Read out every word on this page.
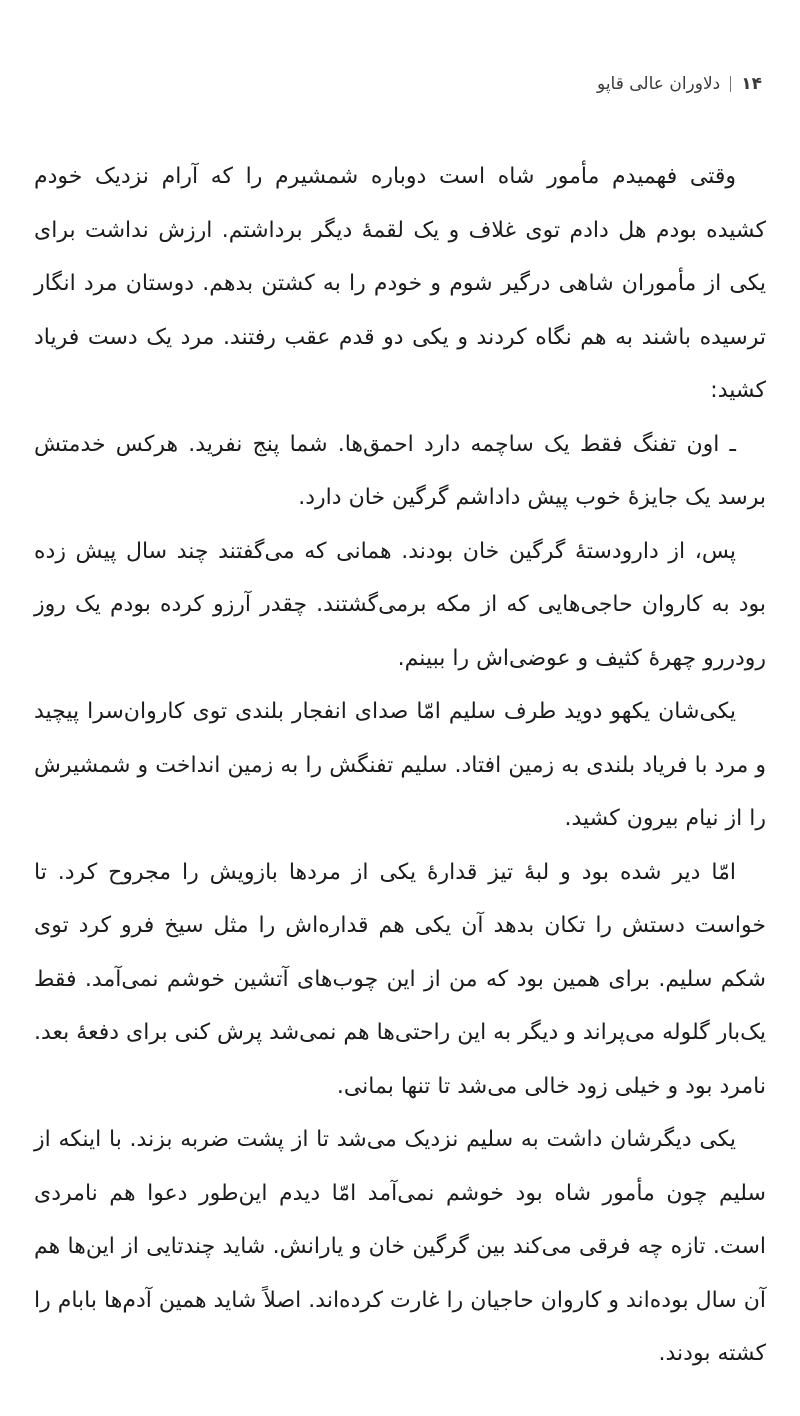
۱۴
دلاوران عالی قاپو

وقتی فهمیدم مأمور شاه است دوباره شمشیرم را که آرام نزدیک خودم کشیده بودم هل دادم توی غلاف و یک لقمهٔ دیگر برداشتم. ارزش نداشت برای یکی از مأموران شاهی درگیر شوم و خودم را به کشتن بدهم. دوستان مرد انگار ترسیده باشند به هم نگاه کردند و یکی دو قدم عقب رفتند. مرد یک دست فریاد کشید:

ـ اون تفنگ فقط یک ساچمه دارد احمق‌ها. شما پنج نفرید. هرکس خدمتش برسد یک جایزهٔ خوب پیش داداشم گرگین خان دارد.

پس، از دارودستهٔ گرگین خان بودند. همانی که می‌گفتند چند سال پیش زده بود به کاروان حاجی‌هایی که از مکه برمی‌گشتند. چقدر آرزو کرده بودم یک روز رودررو چهرهٔ کثیف و عوضی‌اش را ببینم.

یکی‌شان یکهو دوید طرف سلیم امّا صدای انفجار بلندی توی کاروان‌سرا پیچید و مرد با فریاد بلندی به زمین افتاد. سلیم تفنگش را به زمین انداخت و شمشیرش را از نیام بیرون کشید.

امّا دیر شده بود و لبهٔ تیز قدارهٔ یکی از مردها بازویش را مجروح کرد. تا خواست دستش را تکان بدهد آن یکی هم قداره‌اش را مثل سیخ فرو کرد توی شکم سلیم. برای همین بود که من از این چوب‌های آتشین خوشم نمی‌آمد. فقط یک‌بار گلوله می‌پراند و دیگر به این راحتی‌ها هم نمی‌شد پرش کنی برای دفعهٔ بعد. نامرد بود و خیلی زود خالی می‌شد تا تنها بمانی.

یکی دیگرشان داشت به سلیم نزدیک می‌شد تا از پشت ضربه بزند. با اینکه از سلیم چون مأمور شاه بود خوشم نمی‌آمد امّا دیدم این‌طور دعوا هم نامردی است. تازه چه فرقی می‌کند بین گرگین خان و یارانش. شاید چندتایی از این‌ها هم آن سال بوده‌اند و کاروان حاجیان را غارت کرده‌اند. اصلاً شاید همین آدم‌ها بابام را کشته بودند.
